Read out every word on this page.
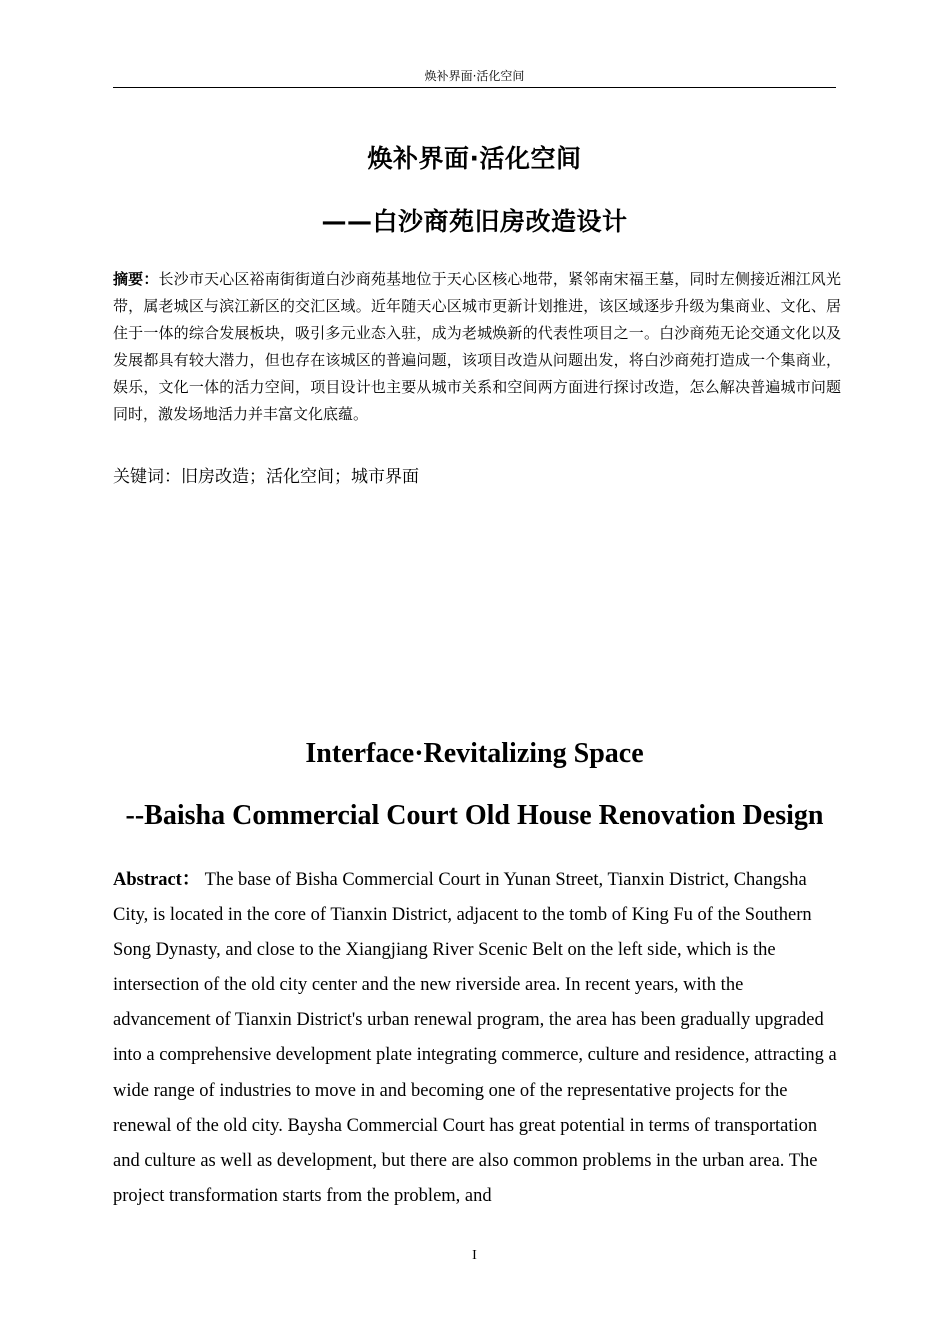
焕补界面·活化空间
焕补界面·活化空间
——白沙商苑旧房改造设计
摘要：长沙市天心区裕南街街道白沙商苑基地位于天心区核心地带，紧邻南宋福王墓，同时左侧接近湘江风光带，属老城区与滨江新区的交汇区域。近年随天心区城市更新计划推进，该区域逐步升级为集商业、文化、居住于一体的综合发展板块，吸引多元业态入驻，成为老城焕新的代表性项目之一。白沙商苑无论交通文化以及发展都具有较大潜力，但也存在该城区的普遍问题，该项目改造从问题出发，将白沙商苑打造成一个集商业，娱乐，文化一体的活力空间，项目设计也主要从城市关系和空间两方面进行探讨改造，怎么解决普遍城市问题同时，激发场地活力并丰富文化底蕴。
关键词：旧房改造；活化空间；城市界面
Interface·Revitalizing Space
--Baisha Commercial Court Old House Renovation Design
Abstract： The base of Bisha Commercial Court in Yunan Street, Tianxin District, Changsha City, is located in the core of Tianxin District, adjacent to the tomb of King Fu of the Southern Song Dynasty, and close to the Xiangjiang River Scenic Belt on the left side, which is the intersection of the old city center and the new riverside area. In recent years, with the advancement of Tianxin District's urban renewal program, the area has been gradually upgraded into a comprehensive development plate integrating commerce, culture and residence, attracting a wide range of industries to move in and becoming one of the representative projects for the renewal of the old city. Baysha Commercial Court has great potential in terms of transportation and culture as well as development, but there are also common problems in the urban area. The project transformation starts from the problem, and
I
